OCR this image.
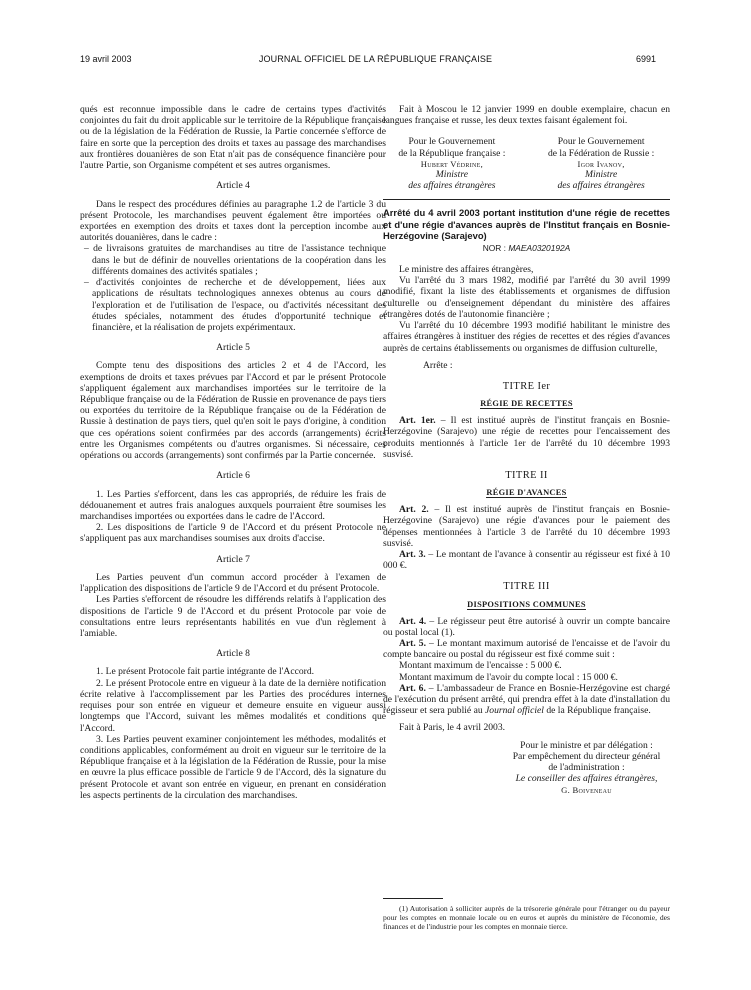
19 avril 2003	JOURNAL OFFICIEL DE LA RÉPUBLIQUE FRANÇAISE	6991

qués est reconnue impossible dans le cadre de certains types d'activités conjointes du fait du droit applicable sur le territoire de la République française ou de la législation de la Fédération de Russie, la Partie concernée s'efforce de faire en sorte que la perception des droits et taxes au passage des marchandises aux frontières douanières de son Etat n'ait pas de conséquence financière pour l'autre Partie, son Organisme compétent et ses autres organismes.

Article 4

Dans le respect des procédures définies au paragraphe 1.2 de l'article 3 du présent Protocole, les marchandises peuvent également être importées ou exportées en exemption des droits et taxes dont la perception incombe aux autorités douanières, dans le cadre :

– de livraisons gratuites de marchandises au titre de l'assistance technique dans le but de définir de nouvelles orientations de la coopération dans les différents domaines des activités spatiales ;

– d'activités conjointes de recherche et de développement, liées aux applications de résultats technologiques annexes obtenus au cours de l'exploration et de l'utilisation de l'espace, ou d'activités nécessitant des études spéciales, notamment des études d'opportunité technique et financière, et la réalisation de projets expérimentaux.

Article 5

Compte tenu des dispositions des articles 2 et 4 de l'Accord, les exemptions de droits et taxes prévues par l'Accord et par le présent Protocole s'appliquent également aux marchandises importées sur le territoire de la République française ou de la Fédération de Russie en provenance de pays tiers ou exportées du territoire de la République française ou de la Fédération de Russie à destination de pays tiers, quel qu'en soit le pays d'origine, à condition que ces opérations soient confirmées par des accords (arrangements) écrits entre les Organismes compétents ou d'autres organismes. Si nécessaire, ces opérations ou accords (arrangements) sont confirmés par la Partie concernée.

Article 6

1. Les Parties s'efforcent, dans les cas appropriés, de réduire les frais de dédouanement et autres frais analogues auxquels pourraient être soumises les marchandises importées ou exportées dans le cadre de l'Accord.

2. Les dispositions de l'article 9 de l'Accord et du présent Protocole ne s'appliquent pas aux marchandises soumises aux droits d'accise.

Article 7

Les Parties peuvent d'un commun accord procéder à l'examen de l'application des dispositions de l'article 9 de l'Accord et du présent Protocole.

Les Parties s'efforcent de résoudre les différends relatifs à l'application des dispositions de l'article 9 de l'Accord et du présent Protocole par voie de consultations entre leurs représentants habilités en vue d'un règlement à l'amiable.

Article 8

1. Le présent Protocole fait partie intégrante de l'Accord.

2. Le présent Protocole entre en vigueur à la date de la dernière notification écrite relative à l'accomplissement par les Parties des procédures internes requises pour son entrée en vigueur et demeure ensuite en vigueur aussi longtemps que l'Accord, suivant les mêmes modalités et conditions que l'Accord.

3. Les Parties peuvent examiner conjointement les méthodes, modalités et conditions applicables, conformément au droit en vigueur sur le territoire de la République française et à la législation de la Fédération de Russie, pour la mise en œuvre la plus efficace possible de l'article 9 de l'Accord, dès la signature du présent Protocole et avant son entrée en vigueur, en prenant en considération les aspects pertinents de la circulation des marchandises.

Fait à Moscou le 12 janvier 1999 en double exemplaire, chacun en langues française et russe, les deux textes faisant également foi.

Pour le Gouvernement

de la République française :

Hubert Védrine,

Ministre

des affaires étrangères

Pour le Gouvernement

de la Fédération de Russie :

Igor Ivanov,

Ministre

des affaires étrangères

Arrêté du 4 avril 2003 portant institution d'une régie de recettes et d'une régie d'avances auprès de l'Institut français en Bosnie-Herzégovine (Sarajevo)

NOR : MAEA0320192A

Le ministre des affaires étrangères,

Vu l'arrêté du 3 mars 1982, modifié par l'arrêté du 30 avril 1999 modifié, fixant la liste des établissements et organismes de diffusion culturelle ou d'enseignement dépendant du ministère des affaires étrangères dotés de l'autonomie financière ;

Vu l'arrêté du 10 décembre 1993 modifié habilitant le ministre des affaires étrangères à instituer des régies de recettes et des régies d'avances auprès de certains établissements ou organismes de diffusion culturelle,

Arrête :

TITRE Ier

RÉGIE DE RECETTES

Art. 1er. – Il est institué auprès de l'institut français en Bosnie-Herzégovine (Sarajevo) une régie de recettes pour l'encaissement des produits mentionnés à l'article 1er de l'arrêté du 10 décembre 1993 susvisé.

TITRE II

RÉGIE D'AVANCES

Art. 2. – Il est institué auprès de l'institut français en Bosnie-Herzégovine (Sarajevo) une régie d'avances pour le paiement des dépenses mentionnées à l'article 3 de l'arrêté du 10 décembre 1993 susvisé.

Art. 3. – Le montant de l'avance à consentir au régisseur est fixé à 10 000 €.

TITRE III

DISPOSITIONS COMMUNES

Art. 4. – Le régisseur peut être autorisé à ouvrir un compte bancaire ou postal local (1).

Art. 5. – Le montant maximum autorisé de l'encaisse et de l'avoir du compte bancaire ou postal du régisseur est fixé comme suit :

Montant maximum de l'encaisse : 5 000 €.

Montant maximum de l'avoir du compte local : 15 000 €.

Art. 6. – L'ambassadeur de France en Bosnie-Herzégovine est chargé de l'exécution du présent arrêté, qui prendra effet à la date d'installation du régisseur et sera publié au Journal officiel de la République française.

Fait à Paris, le 4 avril 2003.

Pour le ministre et par délégation :

Par empêchement du directeur général

de l'administration :

Le conseiller des affaires étrangères,

G. Boiveneau

(1) Autorisation à solliciter auprès de la trésorerie générale pour l'étranger ou du payeur pour les comptes en monnaie locale ou en euros et auprès du ministère de l'économie, des finances et de l'industrie pour les comptes en monnaie tierce.
